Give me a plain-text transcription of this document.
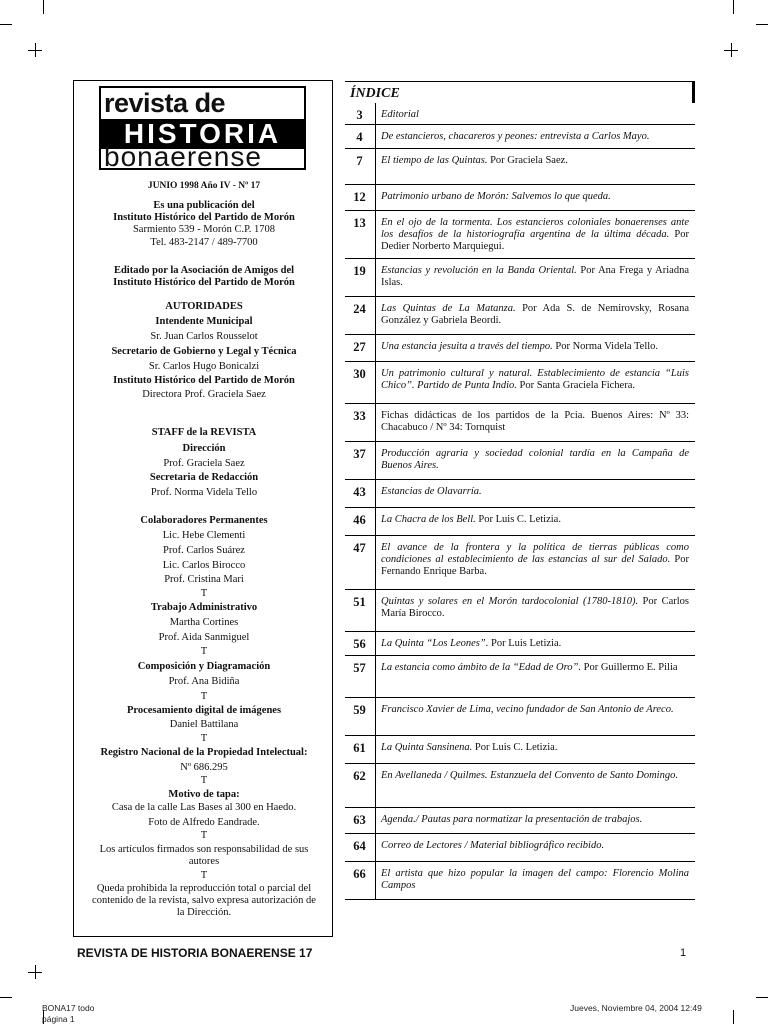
revista de
HISTORIA
bonaerense
JUNIO 1998 Año IV - Nº 17
Es una publicación del
Instituto Histórico del Partido de Morón
Sarmiento 539 - Morón C.P. 1708
Tel. 483-2147 / 489-7700
Editado por la Asociación de Amigos del
Instituto Histórico del Partido de Morón
AUTORIDADES
Intendente Municipal
Sr. Juan Carlos Rousselot
Secretario de Gobierno y Legal y Técnica
Sr. Carlos Hugo Bonicalzi
Instituto Histórico del Partido de Morón
Directora Prof. Graciela Saez
STAFF de la REVISTA
Dirección
Prof. Graciela Saez
Secretaria de Redacción
Prof. Norma Videla Tello
Colaboradores Permanentes
Lic. Hebe Clementi
Prof. Carlos Suárez
Lic. Carlos Birocco
Prof. Cristina Mari
T
Trabajo Administrativo
Martha Cortines
Prof. Aida Sanmiguel
T
Composición y Diagramación
Prof. Ana Bidiña
T
Procesamiento digital de imágenes
Daniel Battilana
T
Registro Nacional de la Propiedad Intelectual:
Nº 686.295
T
Motivo de tapa:
Casa de la calle Las Bases al 300 en Haedo.
Foto de Alfredo Eandrade.
T
Los artículos firmados son responsabilidad de sus
autores
T
Queda prohibida la reproducción total o parcial del
contenido de la revista, salvo expresa autorización de
la Dirección.
REVISTA DE HISTORIA BONAERENSE 17	1
BONA17 todo
página 1
Jueves, Noviembre 04, 2004 12:49
ÍNDICE
3	Editorial
4	De estancieros, chacareros y peones: entrevista a Carlos Mayo.
7	El tiempo de las Quintas. Por Graciela Saez.
12	Patrimonio urbano de Morón: Salvemos lo que queda.
13	En el ojo de la tormenta. Los estancieros coloniales bonaerenses ante los desafíos de la historiografía argentina de la última década. Por Dedier Norberto Marquiegui.
19	Estancias y revolución en la Banda Oriental. Por Ana Frega y Ariadna Islas.
24	Las Quintas de La Matanza. Por Ada S. de Nemirovsky, Rosana González y Gabriela Beordi.
27	Una estancia jesuita a través del tiempo. Por Norma Videla Tello.
30	Un patrimonio cultural y natural. Establecimiento de estancia “Luis Chico”. Partido de Punta Indio. Por Santa Graciela Fichera.
33	Fichas didácticas de los partidos de la Pcia. Buenos Aires: Nº 33: Chacabuco / Nº 34: Tornquist
37	Producción agraria y sociedad colonial tardía en la Campaña de Buenos Aires.
43	Estancias de Olavarría.
46	La Chacra de los Bell. Por Luis C. Letizia.
47	El avance de la frontera y la política de tierras públicas como condiciones al establecimiento de las estancias al sur del Salado. Por Fernando Enrique Barba.
51	Quintas y solares en el Morón tardocolonial (1780-1810). Por Carlos María Birocco.
56	La Quinta “Los Leones”. Por Luis Letizia.
57	La estancia como ámbito de la “Edad de Oro”. Por Guillermo E. Pilia
59	Francisco Xavier de Lima, vecino fundador de San Antonio de Areco.
61	La Quinta Sansinena. Por Luis C. Letizia.
62	En Avellaneda / Quilmes. Estanzuela del Convento de Santo Domingo.
63	Agenda./ Pautas para normatizar la presentación de trabajos.
64	Correo de Lectores / Material bibliográfico recibido.
66	El artista que hizo popular la imagen del campo: Florencio Molina Campos
